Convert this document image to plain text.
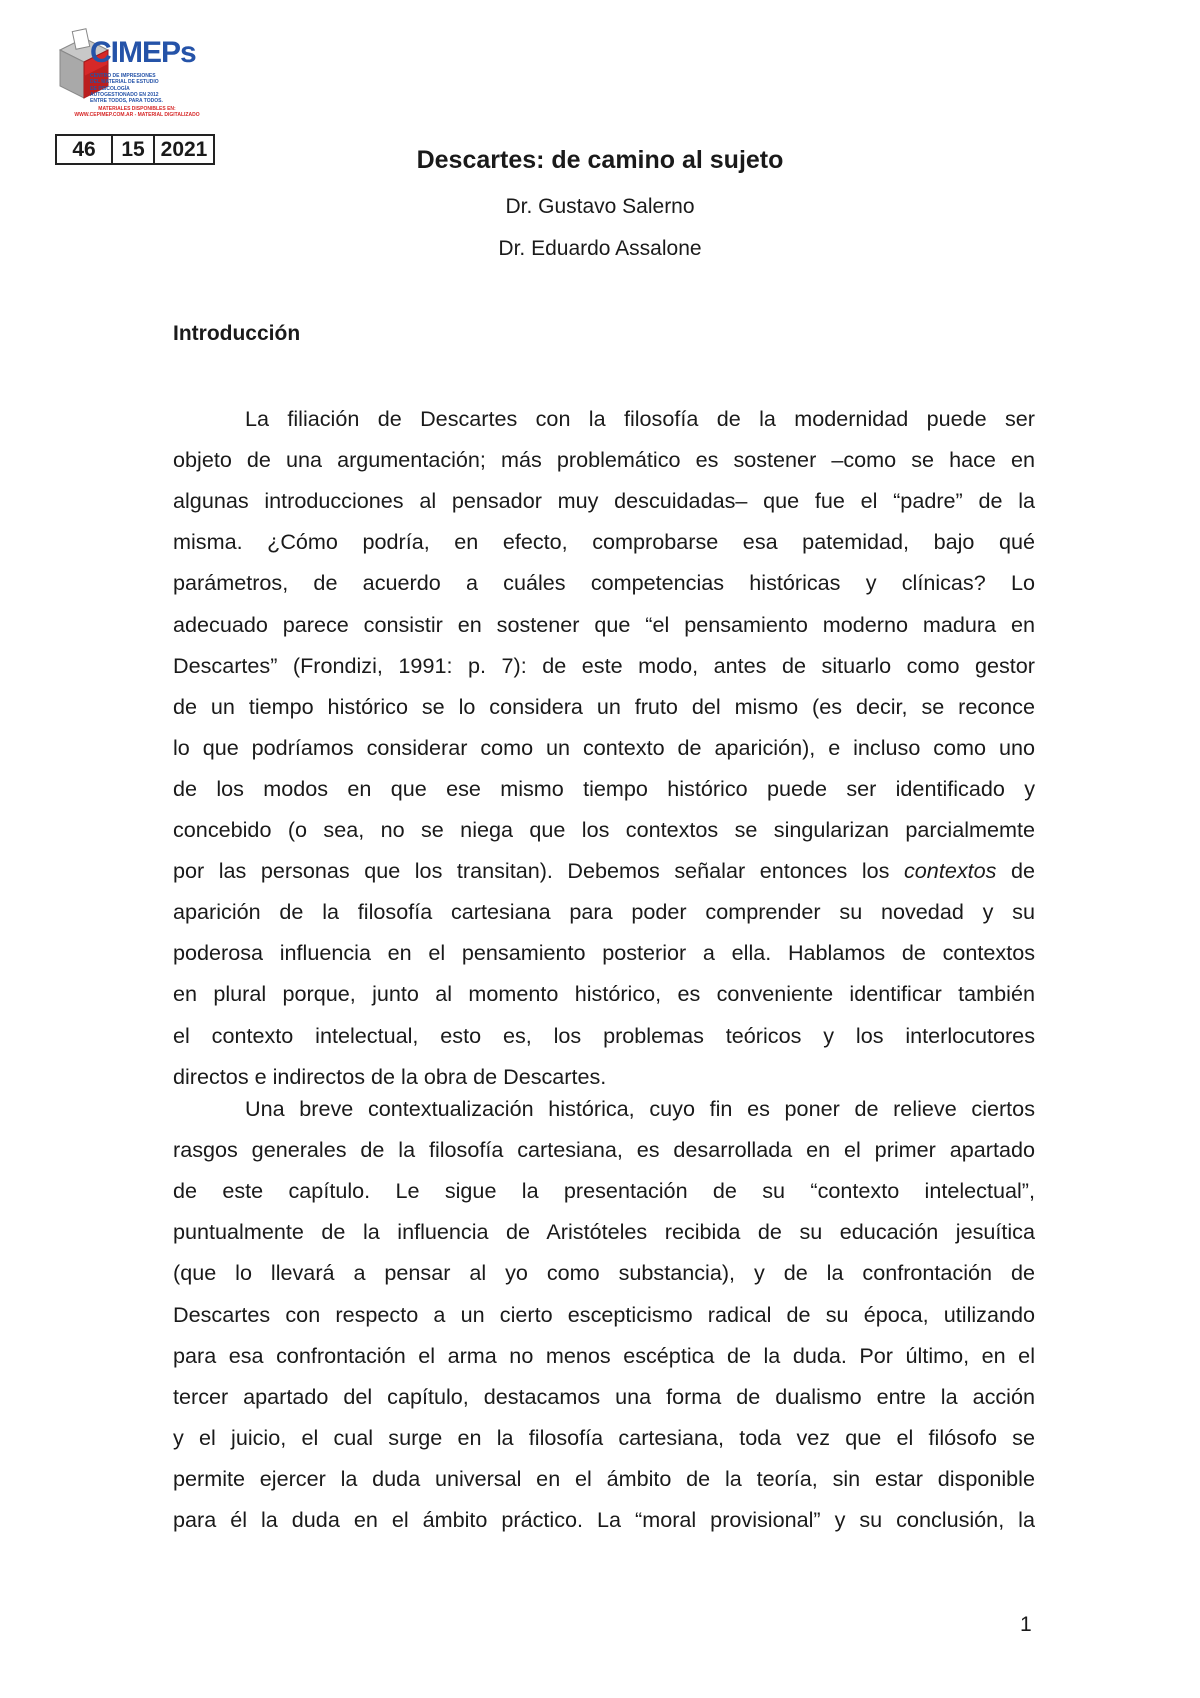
CIMEPs
CENTRO DE IMPRESIONES
DEL MATERIAL DE ESTUDIO
DE PSICOLOGÍA
AUTOGESTIONADO EN 2012
ENTRE TODOS, PARA TODOS.
MATERIALES DISPONIBLES EN:
WWW.CEPIMEP.COM.AR - MATERIAL DIGITALIZADO
46	15 2021	Descartes: de camino al sujeto
Dr. Gustavo Salerno
Dr. Eduardo Assalone
Introducción
La filiación de Descartes con la filosofía de la modernidad puede ser
objeto de una argumentación; más problemático es sostener –como se hace en
algunas introducciones al pensador muy descuidadas– que fue el “padre” de la
misma. ¿Cómo podría, en efecto, comprobarse esa patemidad, bajo qué
parámetros, de acuerdo a cuáles competencias históricas y clínicas? Lo
adecuado parece consistir en sostener que “el pensamiento moderno madura en
Descartes” (Frondizi, 1991: p. 7): de este modo, antes de situarlo como gestor
de un tiempo histórico se lo considera un fruto del mismo (es decir, se reconce
lo que podríamos considerar como un contexto de aparición), e incluso como uno
de los modos en que ese mismo tiempo histórico puede ser identificado y
concebido (o sea, no se niega que los contextos se singularizan parcialmemte
por las personas que los transitan). Debemos señalar entonces los contextos de
aparición de la filosofía cartesiana para poder comprender su novedad y su
poderosa influencia en el pensamiento posterior a ella. Hablamos de contextos
en plural porque, junto al momento histórico, es conveniente identificar también
el contexto intelectual, esto es, los problemas teóricos y los interlocutores
directos e indirectos de la obra de Descartes.
Una breve contextualización histórica, cuyo fin es poner de relieve ciertos
rasgos generales de la filosofía cartesiana, es desarrollada en el primer apartado
de este capítulo. Le sigue la presentación de su “contexto intelectual”,
puntualmente de la influencia de Aristóteles recibida de su educación jesuítica
(que lo llevará a pensar al yo como substancia), y de la confrontación de
Descartes con respecto a un cierto escepticismo radical de su época, utilizando
para esa confrontación el arma no menos escéptica de la duda. Por último, en el
tercer apartado del capítulo, destacamos una forma de dualismo entre la acción
y el juicio, el cual surge en la filosofía cartesiana, toda vez que el filósofo se
permite ejercer la duda universal en el ámbito de la teoría, sin estar disponible
para él la duda en el ámbito práctico. La “moral provisional” y su conclusión, la
1
